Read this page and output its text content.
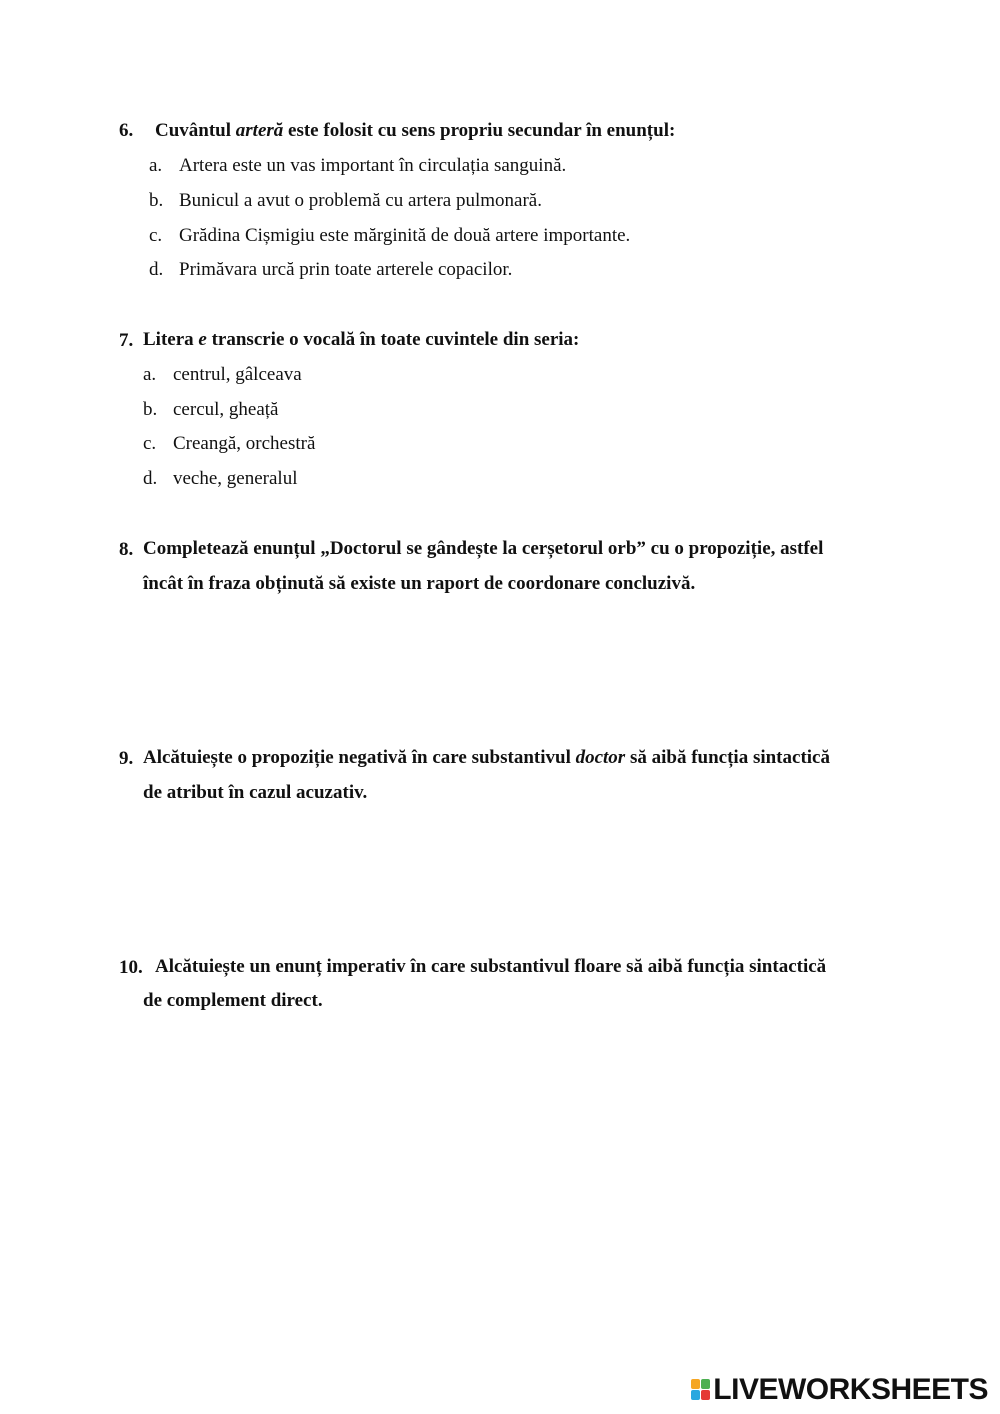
6. Cuvântul arteră este folosit cu sens propriu secundar în enunțul:
a. Artera este un vas important în circulația sanguină.
b. Bunicul a avut o problemă cu artera pulmonară.
c. Grădina Cișmigiu este mărginită de două artere importante.
d. Primăvara urcă prin toate arterele copacilor.
7. Litera e transcrie o vocală în toate cuvintele din seria:
a. centrul, gâlceava
b. cercul, gheață
c. Creangă, orchestră
d. veche, generalul
8. Completează enunțul „Doctorul se gândește la cerșetorul orb” cu o propoziție, astfel
încât în fraza obținută să existe un raport de coordonare concluzivă.
9. Alcătuiește o propoziție negativă în care substantivul doctor să aibă funcția sintactică
de atribut în cazul acuzativ.
10. Alcătuiește un enunț imperativ în care substantivul floare să aibă funcția sintactică
de complement direct.
LIVEWORKSHEETS
